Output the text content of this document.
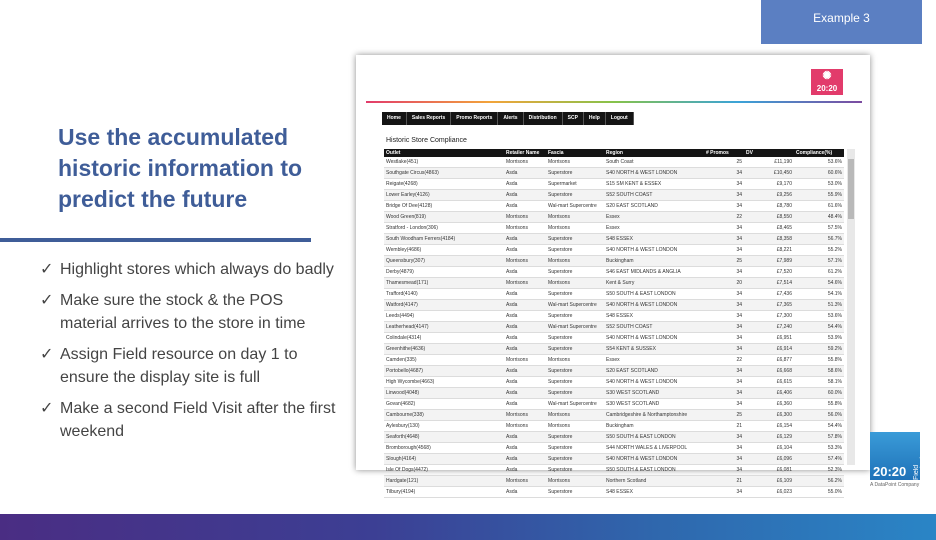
Example 3
Use the accumulated historic information to predict the future
✓ Highlight stores which always do badly
✓ Make sure the stock & the POS material arrives to the store in time
✓ Assign Field resource on day 1 to ensure the display site is full
✓ Make a second Field Visit after the first weekend
✺
20:20
Home	Sales Reports	Promo Reports	Alerts	Distribution	SCP	Help	Logout
Historic Store Compliance
Outlet	Retailer Name	Fascia	Region	# Promos	DV	Compliance(%)
Westlake(451)	Morrisons	Morrisons	South Coast	25	£11,190	53.6%
Southgate Circus(4863)	Asda	Superstore	S40 NORTH & WEST LONDON	34	£10,450	60.6%
Reigate(4268)	Asda	Supermarket	S15 SM KENT & ESSEX	34	£9,170	53.0%
Lower Earley(4126)	Asda	Superstore	S52 SOUTH COAST	34	£9,256	55.9%
Bridge Of Dee(4128)	Asda	Wal-mart Supercentre	S20 EAST SCOTLAND	34	£8,780	61.6%
Wood Green(819)	Morrisons	Morrisons	Essex	22	£8,550	48.4%
Stratford - London(306)	Morrisons	Morrisons	Essex	34	£8,465	57.5%
South Woodham Ferrers(4184)	Asda	Superstore	S48 ESSEX	34	£8,358	56.7%
Wembley(4686)	Asda	Superstore	S40 NORTH & WEST LONDON	34	£8,221	55.2%
Queensbury(307)	Morrisons	Morrisons	Buckingham	25	£7,989	57.1%
Derby(4879)	Asda	Superstore	S46 EAST MIDLANDS & ANGLIA	34	£7,520	61.2%
Thamesmead(171)	Morrisons	Morrisons	Kent & Surry	20	£7,514	54.6%
Trafford(4140)	Asda	Superstore	S50 SOUTH & EAST LONDON	34	£7,436	54.1%
Watford(4147)	Asda	Wal-mart Supercentre	S40 NORTH & WEST LONDON	34	£7,365	51.3%
Leeds(4494)	Asda	Superstore	S48 ESSEX	34	£7,300	53.6%
Leatherhead(4147)	Asda	Wal-mart Supercentre	S52 SOUTH COAST	34	£7,240	54.4%
Colindale(4314)	Asda	Superstore	S40 NORTH & WEST LONDON	34	£6,951	53.9%
Greenhithe(4636)	Asda	Superstore	S54 KENT & SUSSEX	34	£6,914	59.2%
Camden(335)	Morrisons	Morrisons	Essex	22	£6,877	55.8%
Portobello(4687)	Asda	Superstore	S20 EAST SCOTLAND	34	£6,668	58.6%
High Wycombe(4663)	Asda	Superstore	S40 NORTH & WEST LONDON	34	£6,615	58.1%
Linwood(4048)	Asda	Superstore	S30 WEST SCOTLAND	34	£6,406	60.0%
Govan(4682)	Asda	Wal-mart Supercentre	S30 WEST SCOTLAND	34	£6,360	55.8%
Cambourne(338)	Morrisons	Morrisons	Cambridgeshire & Northamptonshire	25	£6,300	56.0%
Aylesbury(130)	Morrisons	Morrisons	Buckingham	21	£6,154	54.4%
Seaforth(4648)	Asda	Superstore	S50 SOUTH & EAST LONDON	34	£6,129	57.8%
Bromborough(4568)	Asda	Superstore	S44 NORTH WALES & LIVERPOOL	34	£6,104	53.3%
Slough(4164)	Asda	Superstore	S40 NORTH & WEST LONDON	34	£6,096	57.4%
Isle Of Dogs(4472)	Asda	Superstore	S50 SOUTH & EAST LONDON	34	£6,081	52.3%
Hardgate(121)	Morrisons	Morrisons	Northern Scotland	21	£6,109	56.2%
Tilbury(4194)	Asda	Superstore	S48 ESSEX	34	£6,023	55.0%
20:20 Field Marketing
A DataPoint Company
